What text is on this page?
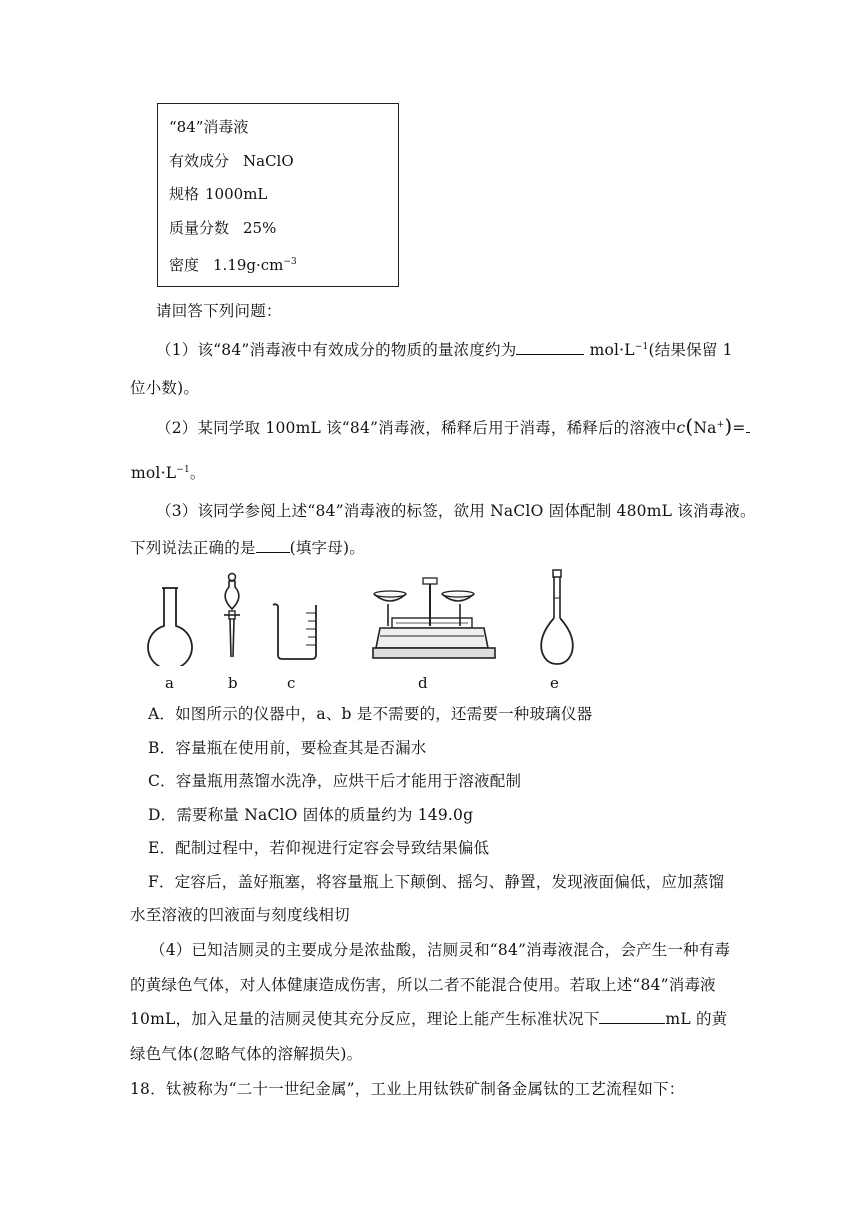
“84”消毒液
有效成分 NaClO
规格 1000mL
质量分数 25%
密度 $1.19g\cdot cm^{-3}$
请回答下列问题：
（1）该“84”消毒液中有效成分的物质的量浓度约为	$mol\cdot L^{-1}$(结果保留 1
位小数)。
（2）某同学取 100mL 该“84”消毒液，稀释后用于消毒，稀释后的溶液中c(Na+)=
$mol\cdot L^{-1}$。
（3）该同学参阅上述“84”消毒液的标签，欲用 NaClO 固体配制 480mL 该消毒液。
下列说法正确的是 (填字母)。
a	b	c	d	e
A．如图所示的仪器中，a、b 是不需要的，还需要一种玻璃仪器
B．容量瓶在使用前，要检查其是否漏水
C．容量瓶用蒸馏水洗净，应烘干后才能用于溶液配制
D．需要称量 NaClO 固体的质量约为 149.0g
E．配制过程中，若仰视进行定容会导致结果偏低
F．定容后，盖好瓶塞，将容量瓶上下颠倒、摇匀、静置，发现液面偏低，应加蒸馏
水至溶液的凹液面与刻度线相切
（4）已知洁厕灵的主要成分是浓盐酸，洁厕灵和“84”消毒液混合，会产生一种有毒
的黄绿色气体，对人体健康造成伤害，所以二者不能混合使用。若取上述“84”消毒液
10mL，加入足量的洁厕灵使其充分反应，理论上能产生标准状况下	mL 的黄
绿色气体(忽略气体的溶解损失)。
18．钛被称为“二十一世纪金属”，工业上用钛铁矿制备金属钛的工艺流程如下：
